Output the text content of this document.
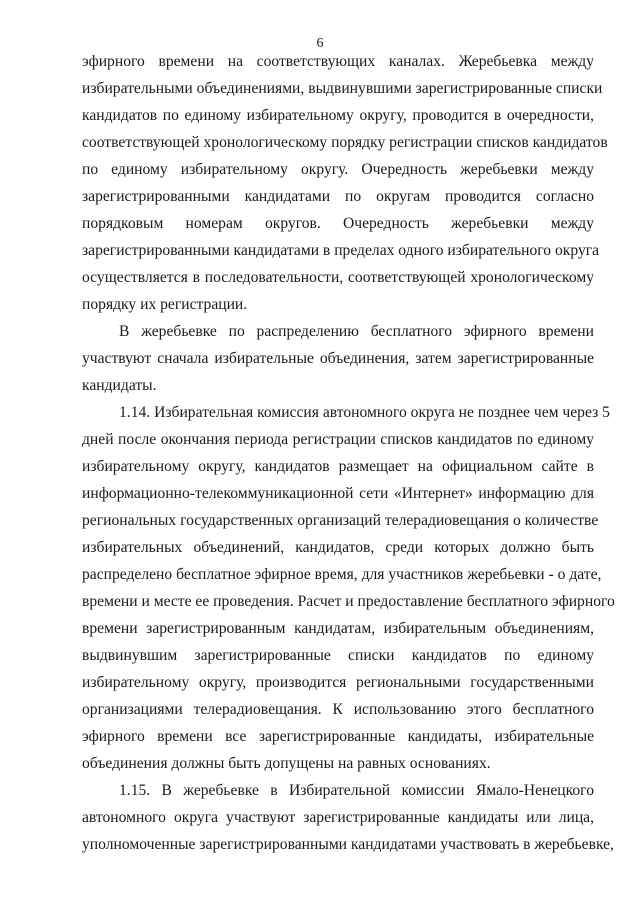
6
эфирного времени на соответствующих каналах. Жеребьевка между
избирательными объединениями, выдвинувшими зарегистрированные списки
кандидатов по единому избирательному округу, проводится в очередности,
соответствующей хронологическому порядку регистрации списков кандидатов
по единому избирательному округу. Очередность жеребьевки между
зарегистрированными кандидатами по округам проводится согласно
порядковым номерам округов. Очередность жеребьевки между
зарегистрированными кандидатами в пределах одного избирательного округа
осуществляется в последовательности, соответствующей хронологическому
порядку их регистрации.
В жеребьевке по распределению бесплатного эфирного времени
участвуют сначала избирательные объединения, затем зарегистрированные
кандидаты.
1.14. Избирательная комиссия автономного округа не позднее чем через 5
дней после окончания периода регистрации списков кандидатов по единому
избирательному округу, кандидатов размещает на официальном сайте в
информационно-телекоммуникационной сети «Интернет» информацию для
региональных государственных организаций телерадиовещания о количестве
избирательных объединений, кандидатов, среди которых должно быть
распределено бесплатное эфирное время, для участников жеребьевки - о дате,
времени и месте ее проведения. Расчет и предоставление бесплатного эфирного
времени зарегистрированным кандидатам, избирательным объединениям,
выдвинувшим зарегистрированные списки кандидатов по единому
избирательному округу, производится региональными государственными
организациями телерадиовещания. К использованию этого бесплатного
эфирного времени все зарегистрированные кандидаты, избирательные
объединения должны быть допущены на равных основаниях.
1.15. В жеребьевке в Избирательной комиссии Ямало-Ненецкого
автономного округа участвуют зарегистрированные кандидаты или лица,
уполномоченные зарегистрированными кандидатами участвовать в жеребьевке,
